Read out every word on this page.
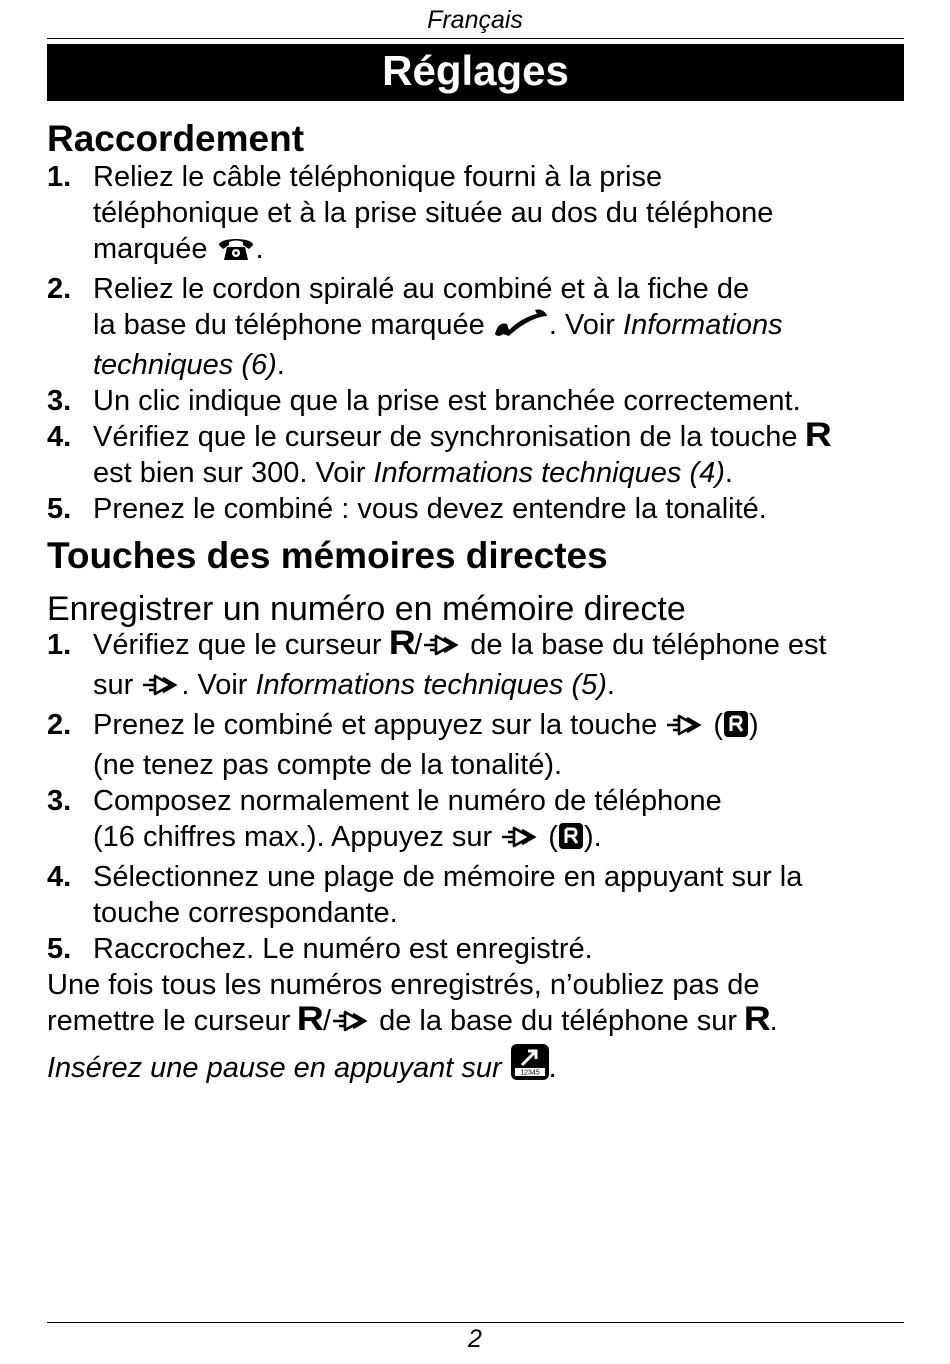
Français
Réglages
Raccordement
1. Reliez le câble téléphonique fourni à la prise
téléphonique et à la prise située au dos du téléphone
marquée .
2. Reliez le cordon spiralé au combiné et à la fiche de
la base du téléphone marquée . Voir Informations
techniques (6).
3. Un clic indique que la prise est branchée correctement.
4. Vérifiez que le curseur de synchronisation de la touche R
est bien sur 300. Voir Informations techniques (4).
5. Prenez le combiné : vous devez entendre la tonalité.
Touches des mémoires directes
Enregistrer un numéro en mémoire directe
1. Vérifiez que le curseur R/ de la base du téléphone est
sur . Voir Informations techniques (5).
2. Prenez le combiné et appuyez sur la touche  ( )
(ne tenez pas compte de la tonalité).
3. Composez normalement le numéro de téléphone
(16 chiffres max.). Appuyez sur  ( ).
4. Sélectionnez une plage de mémoire en appuyant sur la
touche correspondante.
5. Raccrochez. Le numéro est enregistré.
Une fois tous les numéros enregistrés, n’oubliez pas de
remettre le curseur R/ de la base du téléphone sur R.
Insérez une pause en appuyant sur 12345 .
2
